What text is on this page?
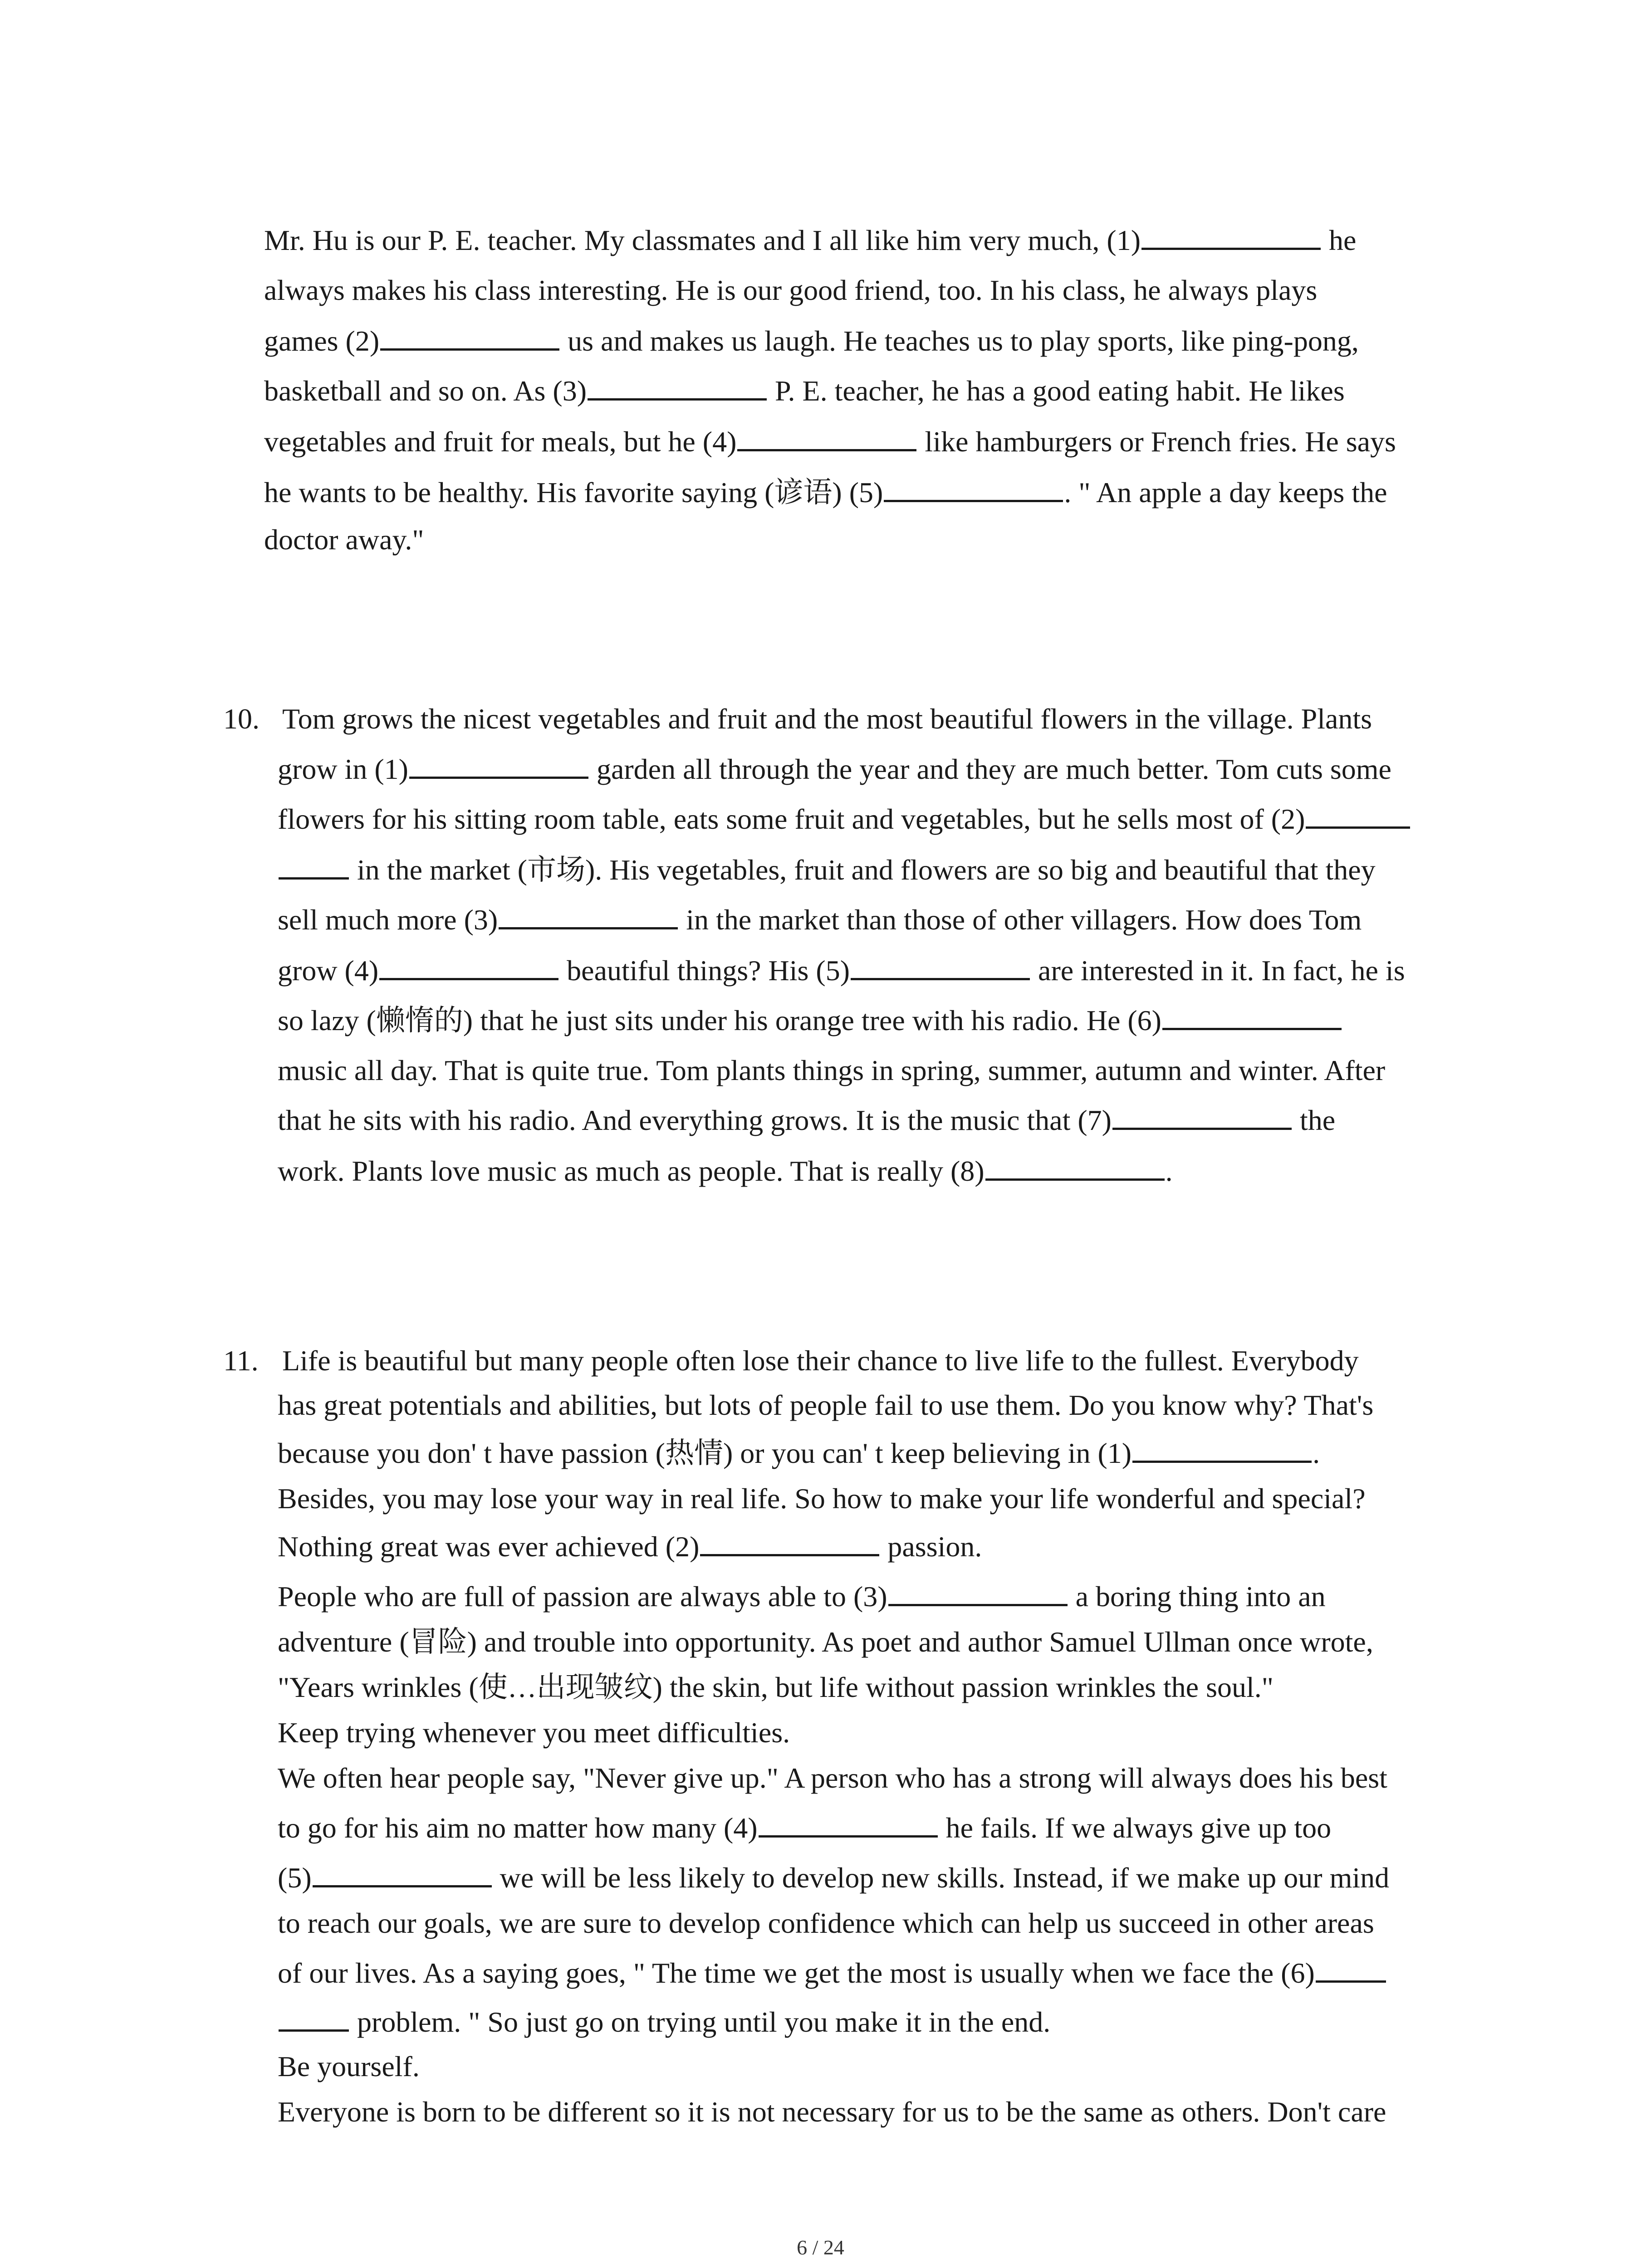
Mr. Hu is our P. E. teacher. My classmates and I all like him very much, (1)	he
always makes his class interesting. He is our good friend, too. In his class, he always plays
games (2)	us and makes us laugh. He teaches us to play sports, like ping-pong,
basketball and so on. As (3)	P. E. teacher, he has a good eating habit. He likes
vegetables and fruit for meals, but he (4)	like hamburgers or French fries. He says
he wants to be healthy. His favorite saying (谚语) (5)	. " An apple a day keeps the
doctor away."
10. Tom grows the nicest vegetables and fruit and the most beautiful flowers in the village. Plants
grow in (1)	garden all through the year and they are much better. Tom cuts some
flowers for his sitting room table, eats some fruit and vegetables, but he sells most of (2)
in the market (市场). His vegetables, fruit and flowers are so big and beautiful that they
sell much more (3)	in the market than those of other villagers. How does Tom
grow (4)	beautiful things? His (5)	are interested in it. In fact, he is
so lazy (懒惰的) that he just sits under his orange tree with his radio. He (6)
music all day. That is quite true. Tom plants things in spring, summer, autumn and winter. After
that he sits with his radio. And everything grows. It is the music that (7)	the
work. Plants love music as much as people. That is really (8)	.
11. Life is beautiful but many people often lose their chance to live life to the fullest. Everybody
has great potentials and abilities, but lots of people fail to use them. Do you know why? That's
because you don' t have passion (热情) or you can' t keep believing in (1)	.
Besides, you may lose your way in real life. So how to make your life wonderful and special?
Nothing great was ever achieved (2)	passion.
People who are full of passion are always able to (3)	a boring thing into an
adventure (冒险) and trouble into opportunity. As poet and author Samuel Ullman once wrote,
"Years wrinkles (使…出现皱纹) the skin, but life without passion wrinkles the soul."
Keep trying whenever you meet difficulties.
We often hear people say, "Never give up." A person who has a strong will always does his best
to go for his aim no matter how many (4)	he fails. If we always give up too
(5)	we will be less likely to develop new skills. Instead, if we make up our mind
to reach our goals, we are sure to develop confidence which can help us succeed in other areas
of our lives. As a saying goes, " The time we get the most is usually when we face the (6)
problem. " So just go on trying until you make it in the end.
Be yourself.
Everyone is born to be different so it is not necessary for us to be the same as others. Don't care
6 / 24
